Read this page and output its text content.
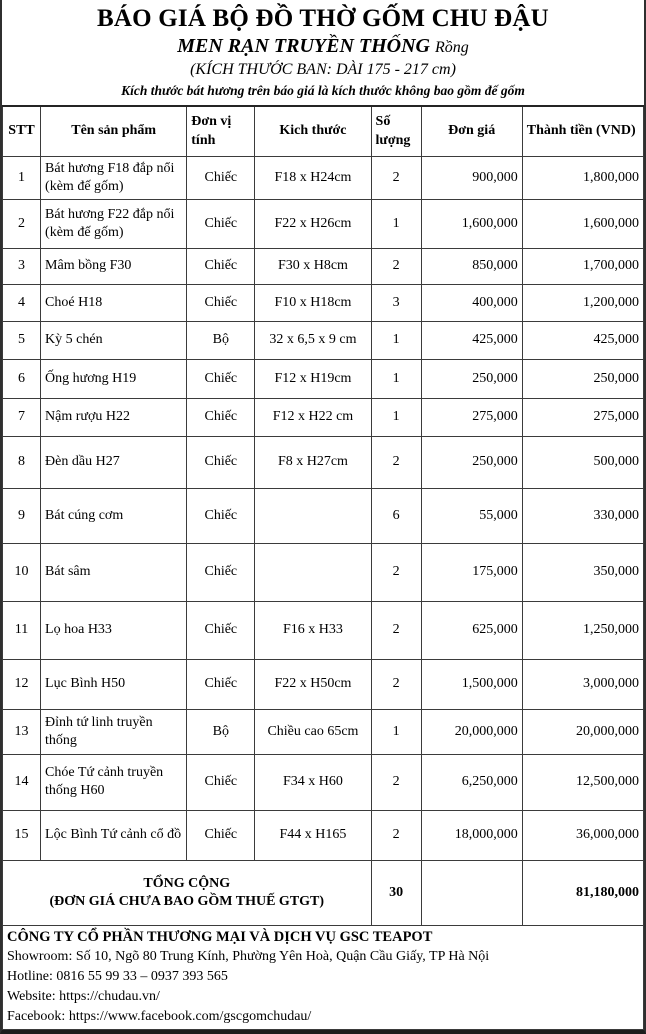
BÁO GIÁ BỘ ĐỒ THỜ GỐM CHU ĐẬU
MEN RẠN TRUYỀN THỐNG Rồng
(KÍCH THƯỚC BAN: DÀI 175 - 217 cm)
Kích thước bát hương trên báo giá là kích thước không bao gồm đế gốm
STT	Tên sản phẩm	Đơn vị tính	Kich thước	Số lượng	Đơn giá	Thành tiền (VND)
1	Bát hương F18 đắp nổi (kèm đế gốm)	Chiếc	F18 x H24cm	2	900,000	1,800,000
2	Bát hương F22 đắp nổi (kèm đế gốm)	Chiếc	F22 x H26cm	1	1,600,000	1,600,000
3	Mâm bồng F30	Chiếc	F30 x H8cm	2	850,000	1,700,000
4	Choé H18	Chiếc	F10 x H18cm	3	400,000	1,200,000
5	Kỳ 5 chén	Bộ	32 x 6,5 x 9 cm	1	425,000	425,000
6	Ống hương H19	Chiếc	F12 x H19cm	1	250,000	250,000
7	Nậm rượu H22	Chiếc	F12 x H22 cm	1	275,000	275,000
8	Đèn dầu H27	Chiếc	F8 x H27cm	2	250,000	500,000
9	Bát cúng cơm	Chiếc		6	55,000	330,000
10	Bát sâm	Chiếc		2	175,000	350,000
11	Lọ hoa H33	Chiếc	F16 x H33	2	625,000	1,250,000
12	Lục Bình H50	Chiếc	F22 x H50cm	2	1,500,000	3,000,000
13	Đỉnh tứ linh truyền thống	Bộ	Chiều cao 65cm	1	20,000,000	20,000,000
14	Chóe Tứ cảnh truyền thống H60	Chiếc	F34 x H60	2	6,250,000	12,500,000
15	Lộc Bình Tứ cảnh cổ đồ	Chiếc	F44 x H165	2	18,000,000	36,000,000

TỔNG CỘNG
(ĐƠN GIÁ CHƯA BAO GỒM THUẾ GTGT)				30		81,180,000

CÔNG TY CỔ PHẦN THƯƠNG MẠI VÀ DỊCH VỤ GSC TEAPOT
Showroom: Số 10, Ngõ 80 Trung Kính, Phường Yên Hoà, Quận Cầu Giấy, TP Hà Nội
Hotline: 0816 55 99 33 – 0937 393 565
Website: https://chudau.vn/
Facebook: https://www.facebook.com/gscgomchudau/						
